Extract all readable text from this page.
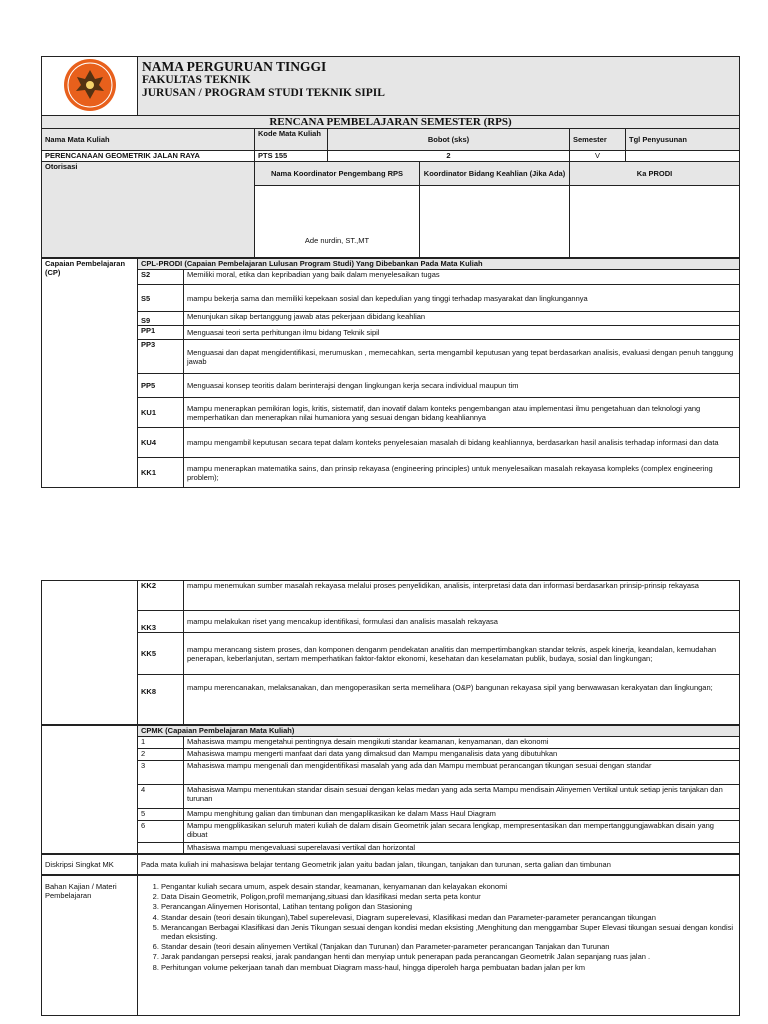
NAMA PERGURUAN TINGGI
FAKULTAS TEKNIK
JURUSAN / PROGRAM STUDI TEKNIK SIPIL					

RENCANA PEMBELAJARAN SEMESTER (RPS)						
Nama Mata Kuliah		Kode Mata Kuliah	Bobot (sks)		Semester	Tgl Penyusunan
PERENCANAAN GEOMETRIK JALAN RAYA		PTS 155	2		V	
Otorisasi		Nama Koordinator Pengembang RPS		Koordinator Bidang Keahlian (Jika Ada)	Ka PRODI	
		Ade nurdin, ST.,MT				
Capaian Pembelajaran (CP)	CPL-PRODI (Capaian Pembelajaran Lulusan Program Studi) Yang Dibebankan Pada Mata Kuliah	
	S2	Memiliki moral, etika dan kepribadian yang baik dalam menyelesaikan tugas
	S5	mampu bekerja sama dan memiliki kepekaan sosial dan kepedulian yang tinggi terhadap masyarakat dan lingkungannya
	S9	Menunjukan sikap bertanggung jawab atas pekerjaan dibidang keahlian
	PP1	Menguasai teori serta perhitungan ilmu bidang Teknik sipil
	PP3	Menguasai dan dapat mengidentifikasi, merumuskan , memecahkan, serta mengambil keputusan yang tepat berdasarkan analisis, evaluasi dengan penuh tanggung jawab
	PP5	Menguasai konsep teoritis dalam berinterajsi dengan lingkungan kerja secara individual maupun tim
	KU1	Mampu menerapkan pemikiran logis, kritis, sistematif, dan inovatif dalam konteks pengembangan atau implementasi ilmu pengetahuan dan teknologi yang memperhatikan dan menerapkan nilai humaniora yang sesuai dengan bidang keahliannya
	KU4	mampu mengambil keputusan secara tepat dalam konteks penyelesaian masalah di bidang keahliannya, berdasarkan hasil analisis terhadap informasi dan data
	KK1	mampu menerapkan matematika sains, dan prinsip rekayasa (engineering principles) untuk menyelesaikan masalah rekayasa kompleks (complex engineering problem);
	KK2	mampu menemukan sumber masalah rekayasa melalui proses penyelidikan, analisis, interpretasi data dan informasi berdasarkan prinsip-prinsip rekayasa
	KK3	mampu melakukan riset yang mencakup identifikasi, formulasi dan analisis masalah rekayasa
	KK5	mampu merancang sistem proses, dan komponen denganm pendekatan analitis dan mempertimbangkan standar teknis, aspek kinerja, keandalan, kemudahan penerapan, keberlanjutan, sertam memperhatikan faktor-faktor ekonomi, kesehatan dan keselamatan publik, budaya, sosial dan lingkungan;
	KK8	mampu merencanakan, melaksanakan, dan mengoperasikan serta memelihara (O&P) bangunan rekayasa sipil yang berwawasan kerakyatan dan lingkungan;
	CPMK (Capaian Pembelajaran Mata Kuliah)	
	1	Mahasiswa mampu mengetahui pentingnya desain mengikuti standar keamanan, kenyamanan, dan ekonomi
	2	Mahasiswa mampu mengerti manfaat dari data yang dimaksud dan Mampu menganalisis data yang dibutuhkan
	3	Mahasiswa mampu mengenali dan mengidentifikasi masalah yang ada dan Mampu membuat perancangan tikungan sesuai dengan standar
	4	Mahasiswa Mampu menentukan standar disain sesuai dengan kelas medan yang ada serta Mampu mendisain Alinyemen Vertikal untuk setiap jenis tanjakan dan turunan
	5	Mampu menghitung galian dan timbunan dan mengaplikasikan ke dalam Mass Haul Diagram
	6	Mampu mengplikasikan seluruh materi kuliah de dalam disain Geometrik jalan secara lengkap, mempresentasikan dan mempertanggungjawabkan disain yang dibuat
		Mhasiswa mampu mengevaluasi superelavasi vertikal dan horizontal
Diskripsi Singkat MK	Pada mata kuliah ini mahasiswa belajar tentang Geometrik jalan yaitu badan jalan, tikungan, tanjakan dan turunan, serta galian dan timbunan
Bahan Kajian / Materi Pembelajaran	
1. Pengantar kuliah secara umum, aspek desain standar, keamanan, kenyamanan dan kelayakan ekonomi
2. Data Disain Geometrik, Poligon,profil memanjang,situasi dan klasifikasi medan serta peta kontur
3. Perancangan Alinyemen Horisontal, Latihan tentang poligon dan Stasioning
4. Standar desain (teori desain tikungan),Tabel superelevasi, Diagram superelevasi, Klasifikasi medan dan Parameter-parameter perancangan tikungan
5. Merancangan Berbagai Klasifikasi dan Jenis Tikungan sesuai dengan kondisi medan eksisting ,Menghitung dan menggambar Super Elevasi tikungan sesuai dengan kondisi medan eksisting.
6. Standar desain (teori desain alinyemen Vertikal (Tanjakan dan Turunan) dan Parameter-parameter perancangan Tanjakan dan Turunan
7. Jarak pandangan persepsi reaksi, jarak pandangan henti dan menyiap untuk penerapan pada perancangan Geometrik Jalan sepanjang ruas jalan .
8. Perhitungan volume pekerjaan tanah dan membuat Diagram mass-haul, hingga diperoleh harga pembuatan badan jalan per km
